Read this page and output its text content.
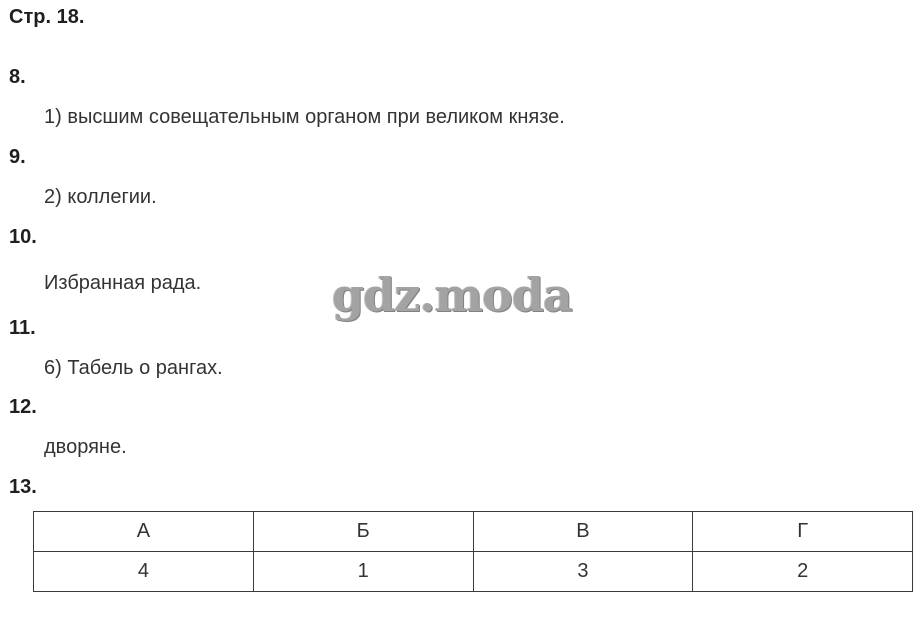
Стр. 18.
8.
1) высшим совещательным органом при великом князе.
9.
2) коллегии.
10.
Избранная рада.
11.
6) Табель о рангах.
12.
дворяне.
13.
gdz.moda
А	Б	В	Г
4	1	3	2
